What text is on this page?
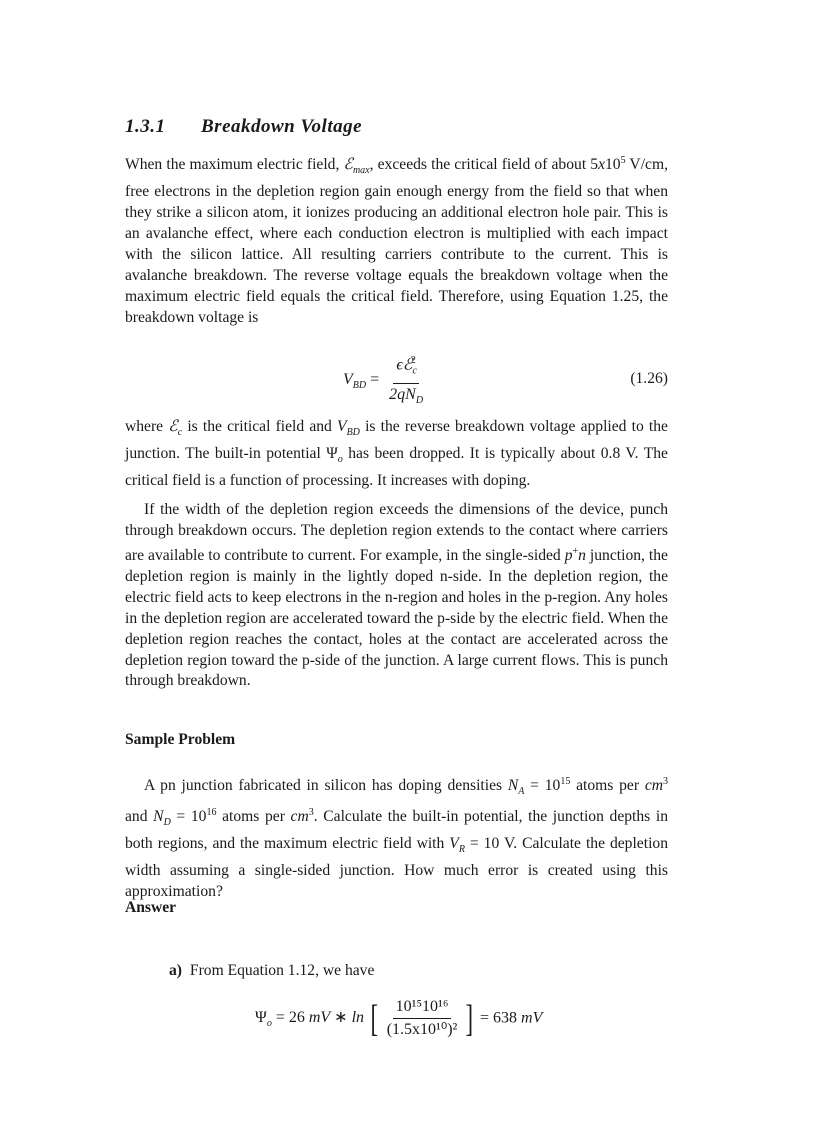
1.3.1 Breakdown Voltage

When the maximum electric field, ℰ$_{max}$, exceeds the critical field of about $5x10^5$ V/cm, free electrons in the depletion region gain enough energy from the field so that when they strike a silicon atom, it ionizes producing an additional electron hole pair. This is an avalanche effect, where each conduction electron is multiplied with each impact with the silicon lattice. All resulting carriers contribute to the current. This is avalanche breakdown. The reverse voltage equals the breakdown voltage when the maximum electric field equals the critical field. Therefore, using Equation 1.25, the breakdown voltage is

$V_{BD} = \frac{\epsilon ℰ_c^2}{2qN_D}$	(1.26)

where ℰ$_c$ is the critical field and $V_{BD}$ is the reverse breakdown voltage applied to the junction. The built-in potential $\Psi_o$ has been dropped. It is typically about 0.8 V. The critical field is a function of processing. It increases with doping.

If the width of the depletion region exceeds the dimensions of the device, punch through breakdown occurs. The depletion region extends to the contact where carriers are available to contribute to current. For example, in the single-sided p+n junction, the depletion region is mainly in the lightly doped n-side. In the depletion region, the electric field acts to keep electrons in the n-region and holes in the p-region. Any holes in the depletion region are accelerated toward the p-side by the electric field. When the depletion region reaches the contact, holes at the contact are accelerated across the depletion region toward the p-side of the junction. A large current flows. This is punch through breakdown.

Sample Problem

A pn junction fabricated in silicon has doping densities $N_A = 10^{15}$ atoms per $cm^3$ and $N_D = 10^{16}$ atoms per $cm^3$. Calculate the built-in potential, the junction depths in both regions, and the maximum electric field with $V_R = 10$ V. Calculate the depletion width assuming a single-sided junction. How much error is created using this approximation?

Answer
a) From Equation 1.12, we have
$\Psi_o = 26$ mV ∗ ln [ $\frac{\text{10¹⁵10¹⁶}}{\text{(1.5x10¹⁰)²}}$ ] = 638 mV
